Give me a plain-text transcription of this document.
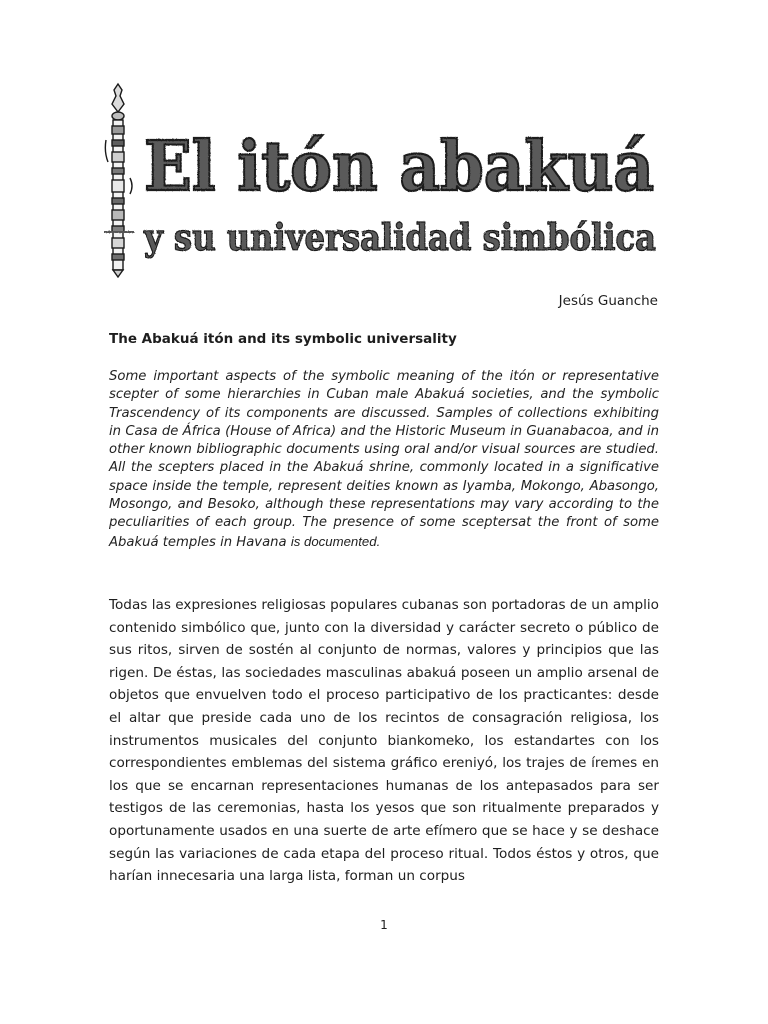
El itón abakuá
y su universalidad simbólica
Jesús Guanche
The Abakuá itón and its symbolic universality

Some important aspects of the symbolic meaning of the itón or representative scepter of some hierarchies in Cuban male Abakuá societies, and the symbolic Trascendency of its components are discussed. Samples of collections exhibiting in Casa de África (House of Africa) and the Historic Museum in Guanabacoa, and in other known bibliographic documents using oral and/or visual sources are studied. All the scepters placed in the Abakuá shrine, commonly located in a significative space inside the temple, represent deities known as Iyamba, Mokongo, Abasongo, Mosongo, and Besoko, although these representations may vary according to the peculiarities of each group. The presence of some sceptersat the front of some Abakuá temples in Havana is documented.

Todas las expresiones religiosas populares cubanas son portadoras de un amplio contenido simbólico que, junto con la diversidad y carácter secreto o público de sus ritos, sirven de sostén al conjunto de normas, valores y principios que las rigen. De éstas, las sociedades masculinas abakuá poseen un amplio arsenal de objetos que envuelven todo el proceso participativo de los practicantes: desde el altar que preside cada uno de los recintos de consagración religiosa, los instrumentos musicales del conjunto biankomeko, los estandartes con los correspondientes emblemas del sistema gráfico ereniyó, los trajes de íremes en los que se encarnan representaciones humanas de los antepasados para ser testigos de las ceremonias, hasta los yesos que son ritualmente preparados y oportunamente usados en una suerte de arte efímero que se hace y se deshace según las variaciones de cada etapa del proceso ritual. Todos éstos y otros, que harían innecesaria una larga lista, forman un corpus

1
